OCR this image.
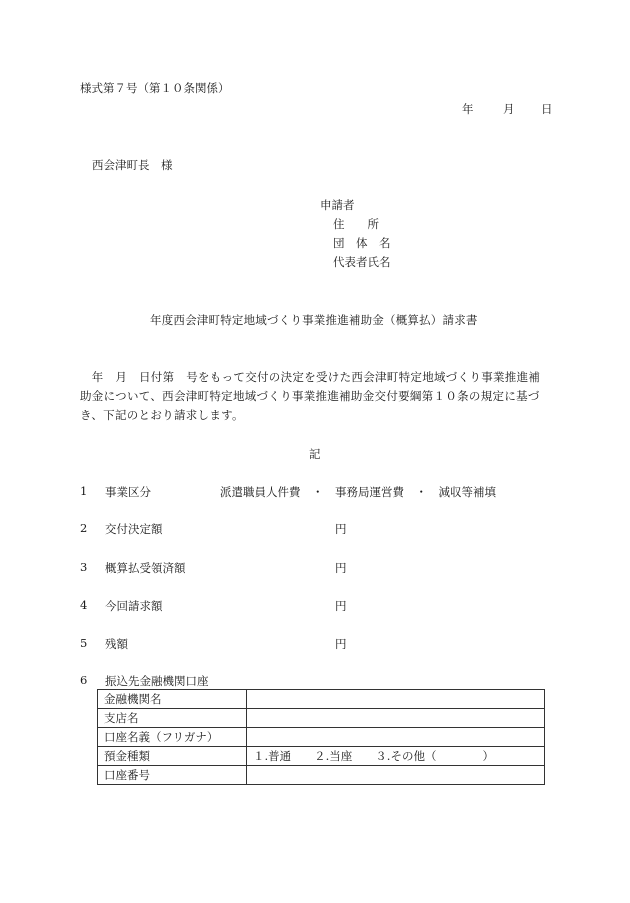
様式第７号（第１０条関係）
年	月 日
西会津町長　様
申請者
住　　所
団　体　名
代表者氏名
年度西会津町特定地域づくり事業推進補助金（概算払）請求書
　年　月　日付第　号をもって交付の決定を受けた西会津町特定地域づくり事業推進補助金について、西会津町特定地域づくり事業推進補助金交付要綱第１０条の規定に基づき、下記のとおり請求します。
記
1 事業区分	派遣職員人件費　・　事務局運営費　・　減収等補填
2 交付決定額	円
3 概算払受領済額	円
4 今回請求額	円
5 残額	円
6 振込先金融機関口座
金融機関名	
支店名	
口座名義（フリガナ）	
預金種類	１.普通　　２.当座　　３.その他（　　　　）
口座番号	
